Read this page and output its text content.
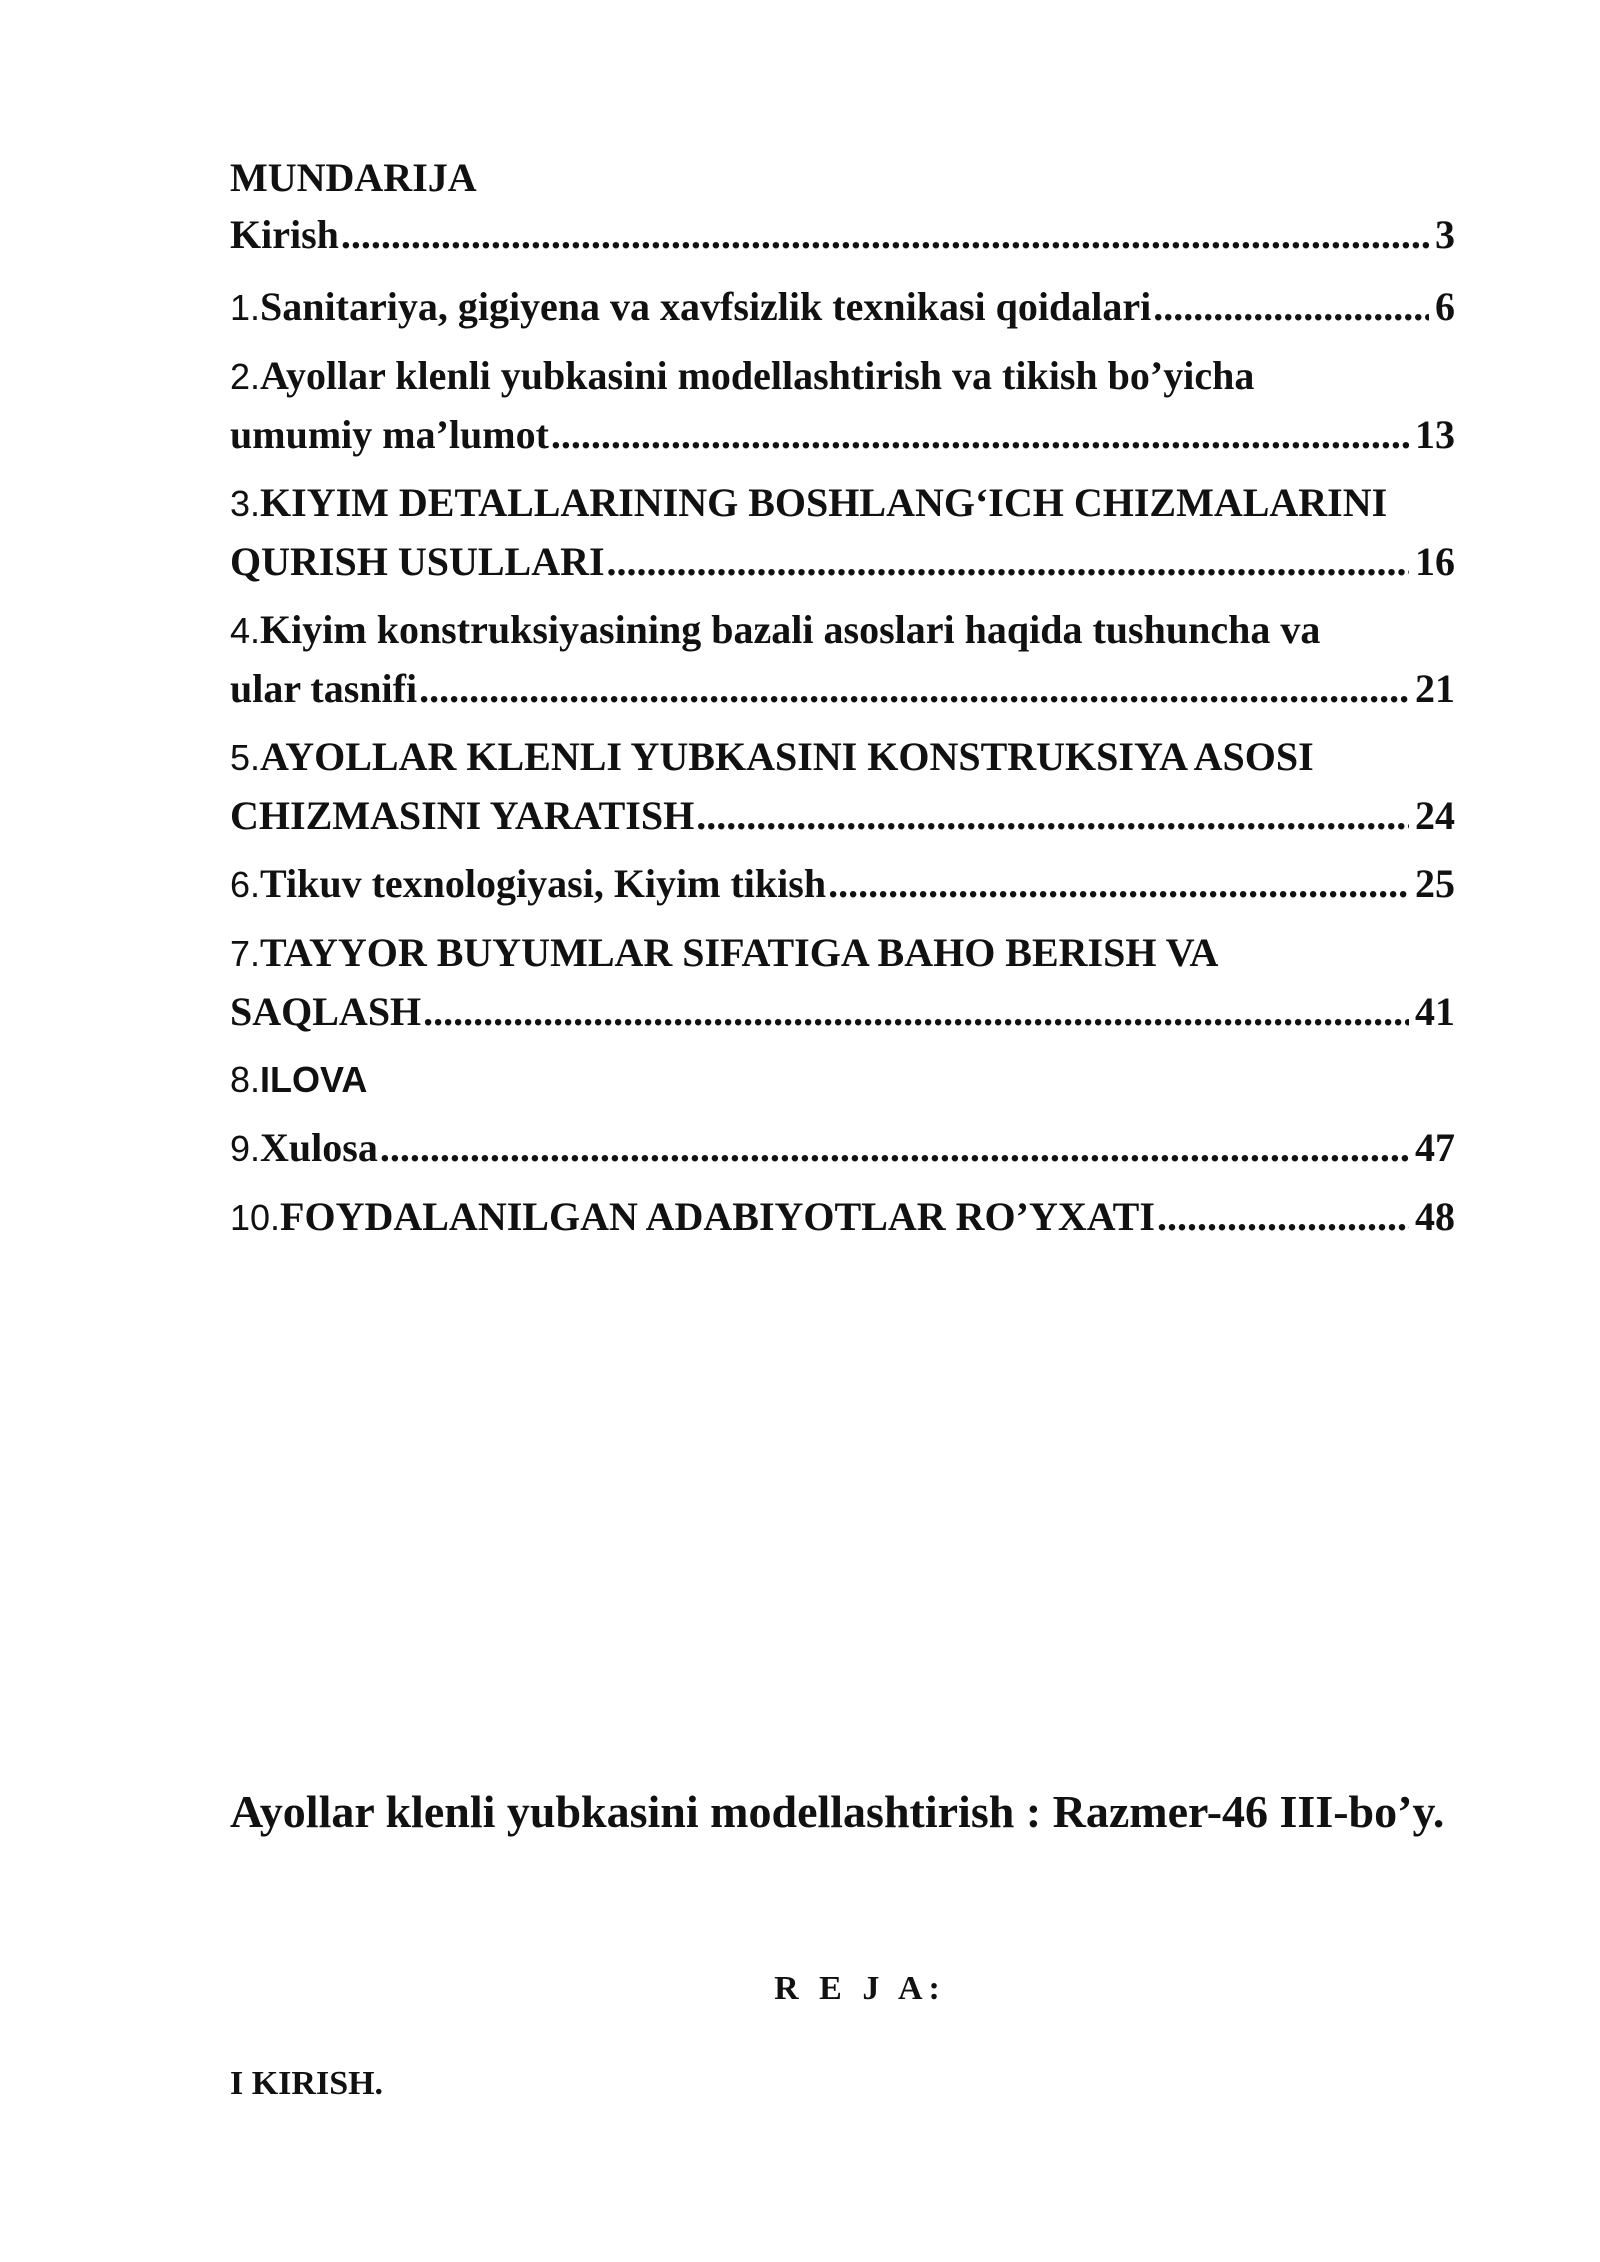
MUNDARIJA
Kirish .....	3
1. Sanitariya, gigiyena va xavfsizlik texnikasi qoidalari .....	6
2. Ayollar klenli yubkasini modellashtirish va tikish bo’yicha
umumiy ma’lumot .....	13
3. KIYIM DETALLARINING BOSHLANG‘ICH CHIZMALARINI
QURISH USULLARI .....	16
4. Kiyim konstruksiyasining bazali asoslari haqida tushuncha va
ular tasnifi .....	21
5. AYOLLAR KLENLI YUBKASINI KONSTRUKSIYA ASOSI
CHIZMASINI YARATISH .....	24
6. Tikuv texnologiyasi, Kiyim tikish .....	25
7. TAYYOR BUYUMLAR SIFATIGA BAHO BERISH VA
SAQLASH .....	41
8. ILOVA
9. Xulosa .....	47
10. FOYDALANILGAN ADABIYOTLAR RO’YXATI .....	48
Ayollar klenli yubkasini modellashtirish : Razmer-46 III-bo’y.

R E J A:

I KIRISH.
